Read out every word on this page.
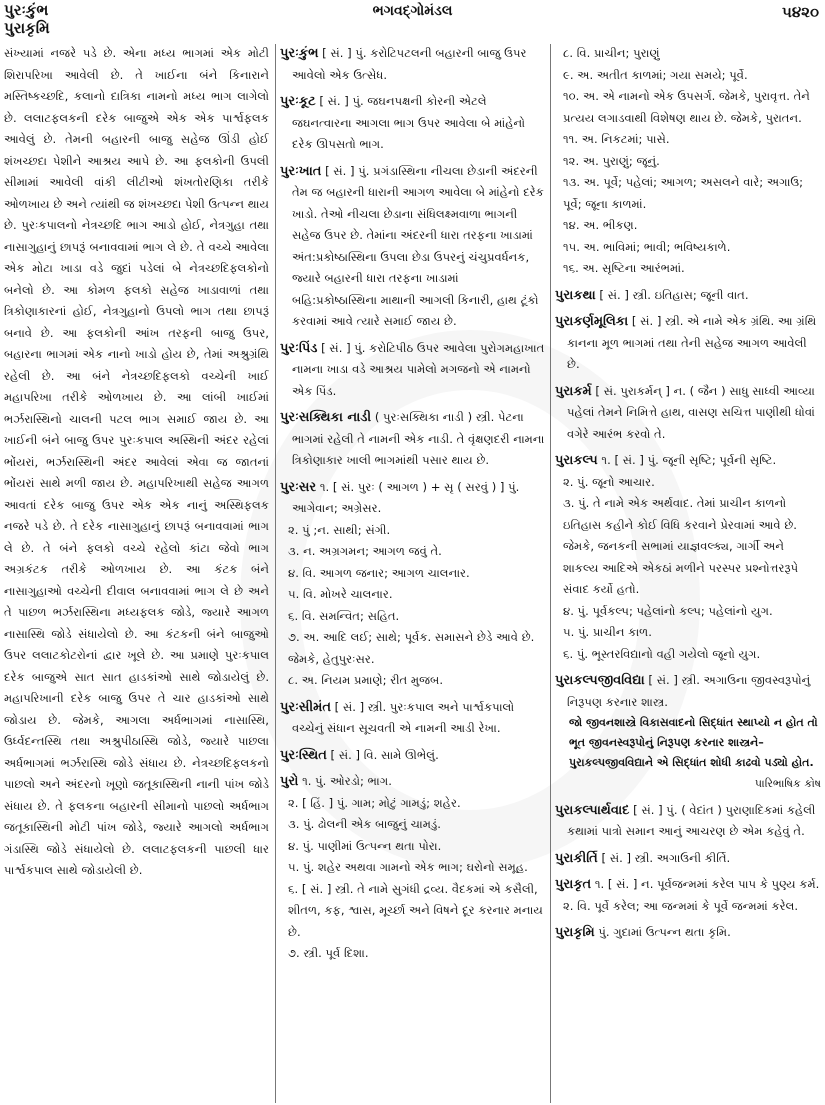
પુરઃકુંભ
પુરાકૃમિ
ભગવદ્ગોમંડલ	૫૪૨૦

સંખ્યામાં નજરે પડે છે. એના મધ્ય ભાગમાં એક મોટી શિરાપરિખા આવેલી છે. તે ખાઈના બંને કિનારાને મસ્તિષ્કચ્છદિ, કલાનો દાત્રિકા નામનો મધ્ય ભાગ લાગેલો છે. લલાટફલકની દરેક બાજુએ એક એક પાર્શ્વફલક આવેલું છે. તેમની બહારની બાજુ સહેજ ઊંડી હોઈ શંખચ્છદા પેશીને આશ્રય આપે છે. આ ફલકોની ઉપલી સીમામાં આવેલી વાંકી લીટીઓ શંખતોરણિકા તરીકે ઓળખાય છે અને ત્યાંથી જ શંખચ્છદા પેશી ઉત્પન્ન થાય છે. પુરઃકપાલનો નેત્રચ્છદિ ભાગ આડો હોઈ, નેત્રગુહા તથા નાસાગુહાનું છાપરૂં બનાવવામાં ભાગ લે છે. તે વચ્ચે આવેલા એક મોટા ખાડા વડે જુદાં પડેલાં બે નેત્રચ્છદિફલકોનો બનેલો છે. આ કોમળ ફલકો સહેજ ખાડાવાળાં તથા ત્રિકોણાકારનાં હોઈ, નેત્રગુહાનો ઉપલો ભાગ તથા છાપરૂં બનાવે છે. આ ફલકોની આંખ તરફની બાજુ ઉપર, બહારના ભાગમાં એક નાનો ખાડો હોય છે, તેમાં અશ્રુગ્રંથિ રહેલી છે. આ બંને નેત્રચ્છદિફલકો વચ્ચેની ખાઈ મહાપરિખા તરીકે ઓળખાય છે. આ લાંબી ખાઈમાં ભર્ઝરાસ્થિનો ચાલની પટલ ભાગ સમાઈ જાય છે. આ ખાઈની બંને બાજુ ઉપર પુરઃકપાલ અસ્થિની અંદર રહેલાં ભોંયરાં, ભર્ઝરાસ્થિની અંદર આવેલાં એવા જ જાતનાં ભોંયરાં સાથે મળી જાય છે. મહાપરિખાથી સહેજ આગળ આવતાં દરેક બાજુ ઉપર એક એક નાનું અસ્થિફલક નજરે પડે છે. તે દરેક નાસાગુહાનું છાપરૂં બનાવવામાં ભાગ લે છે. તે બંને ફલકો વચ્ચે રહેલો કાંટા જેવો ભાગ અગ્રકંટક તરીકે ઓળખાય છે. આ કંટક બંને નાસાગુહાઓ વચ્ચેની દીવાલ બનાવવામાં ભાગ લે છે અને તે પાછળ ભર્ઝરાસ્થિના મધ્યફલક જોડે, જ્યારે આગળ નાસાસ્થિ જોડે સંધાયેલો છે. આ કંટકની બંને બાજુઓ ઉપર લલાટકોટરોનાં દ્વાર ખૂલે છે. આ પ્રમાણે પુરઃકપાલ દરેક બાજુએ સાત સાત હાડકાંઓ સાથે જોડાયેલું છે. મહાપરિખાની દરેક બાજુ ઉપર તે ચાર હાડકાંઓ સાથે જોડાય છે. જેમકે, આગલા અર્ધભાગમાં નાસાસ્થિ, ઉર્ધ્વદન્તસ્થિ તથા અશ્રુપીઠાસ્થિ જોડે, જ્યારે પાછલા અર્ધભાગમાં ભર્ઝરાસ્થિ જોડે સંધાય છે. નેત્રચ્છદિફલકનો પાછલો અને અંદરનો ખૂણો જતૂકાસ્થિની નાની પાંખ જોડે સંધાય છે. તે ફલકના બહારની સીમાનો પાછલો અર્ધભાગ જતૂકાસ્થિની મોટી પાંખ જોડે, જ્યારે આગલો અર્ધભાગ ગંડાસ્થિ જોડે સંધાયેલો છે. લલાટફલકની પાછલી ધાર પાર્શ્વકપાલ સાથે જોડાયેલી છે.

પુરઃકુંભ [ સં. ] પું. કરોટિપટલની બહારની બાજુ ઉપર આવેલો એક ઉત્સેધ.
પુરઃકૂટ [ સં. ] પું. જઘનપક્ષની કોરની એટલે જઘનત્વારના આગલા ભાગ ઉપર આવેલા બે માંહેનો દરેક ઊપસતો ભાગ.
પુરઃખાત [ સં. ] પું. પ્રગંડાસ્થિના નીચલા છેડાની અંદરની તેમ જ બહારની ધારાની આગળ આવેલા બે માંહેનો દરેક ખાડો. તેઓ નીચલા છેડાના સંધિલક્ષ્મવાળા ભાગની સહેજ ઉપર છે. તેમાંના અંદરની ધારા તરફના ખાડામાં અંત:પ્રકોષ્ઠાસ્થિના ઉપલા છેડા ઉપરનું ચંચુપ્રવર્ધનક, જ્યારે બહારની ધારા તરફના ખાડામાં બહિ:પ્રકોષ્ઠાસ્થિના માથાની આગલી કિનારી, હાથ ટૂંકો કરવામાં આવે ત્યારે સમાઈ જાય છે.
પુરઃપિંડ [ સં. ] પું. કરોટિપીઠ ઉપર આવેલા પુરોગમહાખાત નામના ખાડા વડે આશ્રય પામેલો મગજનો એ નામનો એક પિંડ.
પુરઃસક્થિકા નાડી ( પુરઃસક્થિકા નાડી ) સ્ત્રી. પેટના ભાગમાં રહેલી તે નામની એક નાડી. તે વૃંક્ષણદરી નામના ત્રિકોણાકાર ખાલી ભાગમાંથી પસાર થાય છે.
પુરઃસર ૧. [ સં. પુરઃ ( આગળ ) + સૃ ( સરવું ) ] પું. આગેવાન; અગ્રેસર.
૨. પું ;ન. સાથી; સંગી.
૩. ન. અગ્રગમન; આગળ જવું તે.
૪. વિ. આગળ જનાર; આગળ ચાલનાર.
૫. વિ. મોખરે ચાલનાર.
૬. વિ. સમન્વિત; સહિત.
૭. અ. આદિ લઈ; સાથે; પૂર્વક. સમાસને છેડે આવે છે. જેમકે, હેતુપુરઃસર.
૮. અ. નિયમ પ્રમાણે; રીત મુજબ.
પુરઃસીમંત [ સં. ] સ્ત્રી. પુરઃકપાલ અને પાર્શ્વકપાલો વચ્ચેનું સંધાન સૂચવતી એ નામની આડી રેખા.
પુરઃસ્થિત [ સં. ] વિ. સામે ઊભેલું.
પુરો ૧. પું. ઓરડો; ભાગ.
૨. [ હિં. ] પું. ગામ; મોટું ગામડું; શહેર.
૩. પું. ઢોલની એક બાજુનું ચામડું.
૪. પું. પાણીમાં ઉત્પન્ન થતા પોરા.
૫. પું. શહેર અથવા ગામનો એક ભાગ; ઘરોનો સમૂહ.
૬. [ સં. ] સ્ત્રી. તે નામે સુગંધી દ્રવ્ય. વૈદકમાં એ કસૈલી, શીતળ, કફ, શ્વાસ, મૂર્ચ્છા અને વિષને દૂર કરનાર મનાય છે.
૭. સ્ત્રી. પૂર્વ દિશા.
૮. વિ. પ્રાચીન; પુરાણું
૯. અ. અતીત કાળમાં; ગયા સમયે; પૂર્વે.
૧૦. અ. એ નામનો એક ઉપસર્ગ. જેમકે, પુરાવૃત્ત. તેને પ્રત્યય લગાડવાથી વિશેષણ થાય છે. જેમકે, પુરાતન.
૧૧. અ. નિકટમાં; પાસે.
૧૨. અ. પુરાણું; જૂનું.
૧૩. અ. પૂર્વે; પહેલાં; આગળ; અસલને વારે; અગાઉ; પૂર્વે; જૂના કાળમાં.
૧૪. અ. ભીકણ.
૧૫. અ. ભાવિમાં; ભાવી; ભવિષ્યકાળે.
૧૬. અ. સૃષ્ટિના આરંભમાં.
પુરાકથા [ સં. ] સ્ત્રી. ઇતિહાસ; જૂની વાત.
પુરાકર્ણમૂલિકા [ સં. ] સ્ત્રી. એ નામે એક ગ્રંથિ. આ ગ્રંથિ કાનના મૂળ ભાગમાં તથા તેની સહેજ આગળ આવેલી છે.
પુરાકર્મ [ સં. પુરાકર્મન્ ] ન. ( જૈન ) સાધુ સાધ્વી આવ્યા પહેલાં તેમને નિમિત્તે હાથ, વાસણ સચિત્ત પાણીથી ધોવાં વગેરે આરંભ કરવો તે.
પુરાકલ્પ ૧. [ સં. ] પું. જૂની સૃષ્ટિ; પૂર્વની સૃષ્ટિ.
૨. પું. જૂનો આચાર.
૩. પું. તે નામે એક અર્થવાદ. તેમાં પ્રાચીન કાળનો ઇતિહાસ કહીને કોઈ વિધિ કરવાને પ્રેરવામાં આવે છે. જેમકે, જનકની સભામાં યાજ્ઞવલ્ક્ય, ગાર્ગી અને શાકલ્ય આદિએ એકઠાં મળીને પરસ્પર પ્રશ્નોત્તરરૂપે સંવાદ કર્યો હતો.
૪. પું. પૂર્વકલ્પ; પહેલાંનો કલ્પ; પહેલાંનો યુગ.
૫. પું. પ્રાચીન કાળ.
૬. પું. ભૂસ્તરવિદ્યાનો વહી ગયેલો જૂનો યુગ.
પુરાકલ્પજીવવિદ્યા [ સં. ] સ્ત્રી. અગાઉના જીવસ્વરૂપોનું નિરૂપણ કરનાર શાસ્ત્ર.
જો જીવનશાસ્ત્રે વિકાસવાદનો સિદ્ધાંત સ્થાપ્યો ન હોત તો ભૂત જીવનસ્વરૂપોનું નિરૂપણ કરનાર શાસ્ત્રને–પુરાકલ્પજીવવિદ્યાને એ સિદ્ધાંત શોધી કાઢવો પડ્યો હોત.
પારિભાષિક કોષ
પુરાકલ્પાર્થવાદ [ સં. ] પું. ( વેદાંત ) પુરાણાદિકમાં કહેલી કથામાં પાત્રો સમાન આનું આચરણ છે એમ કહેવું તે.
પુરાકીર્તિ [ સં. ] સ્ત્રી. અગાઉની કીર્તિ.
પુરાકૃત ૧. [ સં. ] ન. પૂર્વજન્મમાં કરેલ પાપ કે પુણ્ય કર્મ.
૨. વિ. પૂર્વે કરેલ; આ જન્મમાં કે પૂર્વે જન્મમાં કરેલ.
પુરાકૃમિ પું. ગુદામાં ઉત્પન્ન થતા કૃમિ.
